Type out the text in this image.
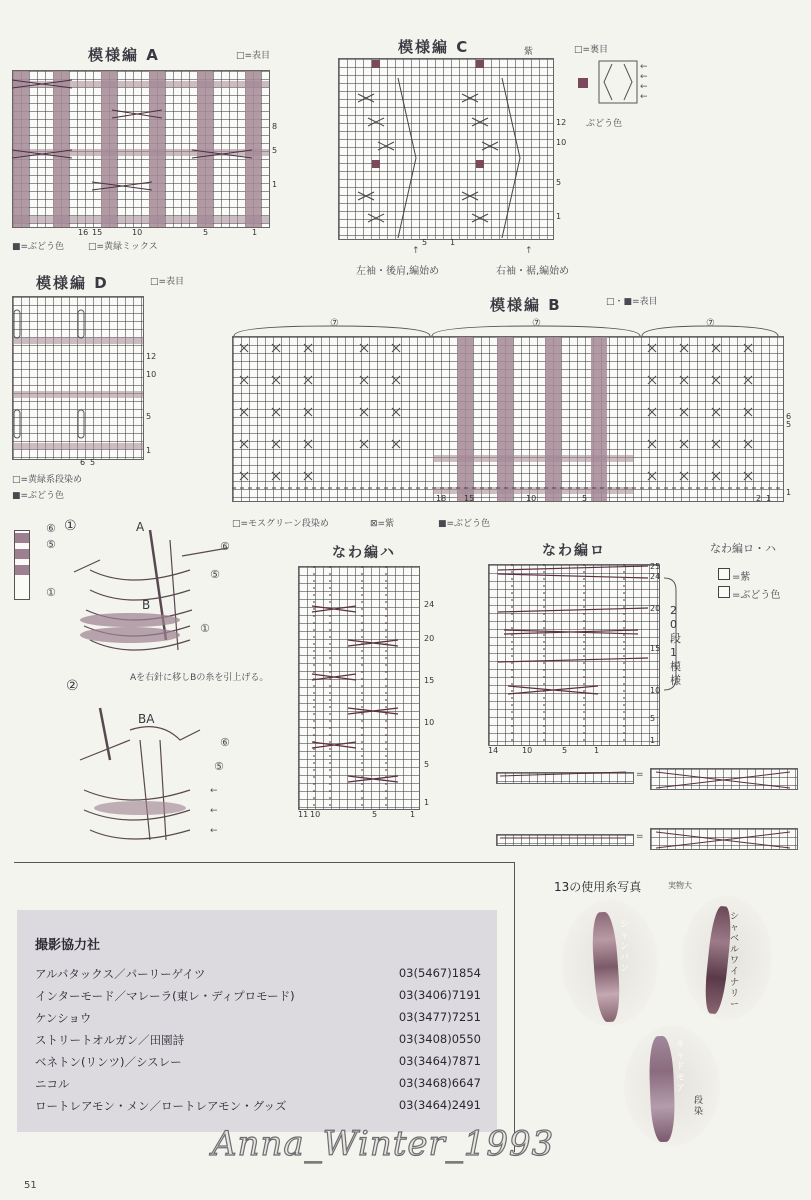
模様編 A	□=表目
8
5
1
16 15	10	5	1
■=ぶどう色	□=黄緑ミックス
模様編 C	紫	□=裏目
←
←
←
←
ぶどう色
12
10
5
1
5	1
↑	↑
左袖・後肩,編始め	右袖・裾,編始め
模様編 D	□=表目
12
10
5
1
6 5
□=黄緑系段染め
■=ぶどう色
模様編 B	□・■=表目
⑦	⑦	⑦
6
5
1
18 15	10	5	2 1
□=モスグリーン段染め	⊠=紫	■=ぶどう色
⑥
⑤
①
①	A
B
⑥
⑤
①
Aを右針に移しBの糸を引上げる。
②
BA
⑥
⑤
←
←
←
なわ編ハ
24
20
15
10
5
1
11 10	5	1
なわ編ロ
25
24
20
15
10
5
1
14	10	5	1
20段1模様
なわ編ロ・ハ
=紫
=ぶどう色
=
=
撮影協力社
アルパタックス／パーリーゲイツ	03(5467)1854
インターモード／マレーラ(東レ・ディプロモード)	03(3406)7191
ケンショウ	03(3477)7251
ストリートオルガン／田園詩	03(3408)0550
ベネトン(リンツ)／シスレー	03(3464)7871
ニコル	03(3468)6647
ロートレアモン・メン／ロートレアモン・グッズ	03(3464)2491
13の使用糸写真	実物大
シャンパン
シャベルワイナリー
キャドモア
段染
Anna_Winter_1993
51
